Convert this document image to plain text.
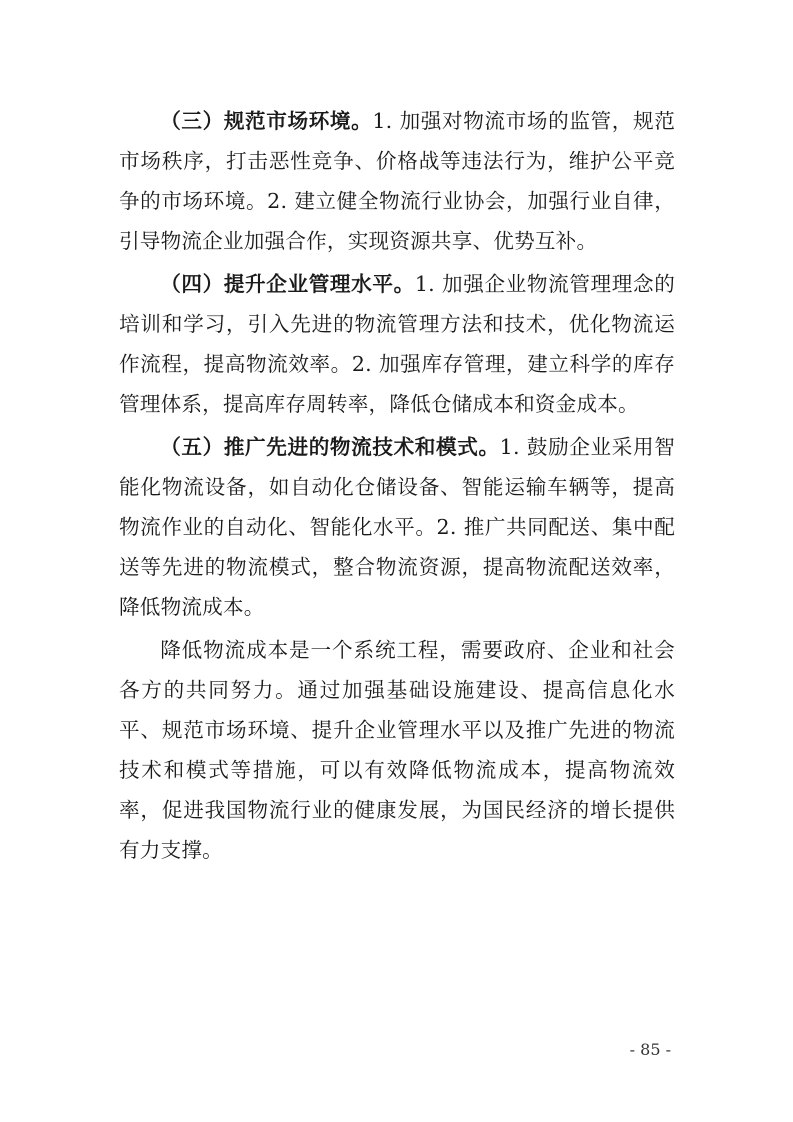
（三）规范市场环境。1. 加强对物流市场的监管，规范市场秩序，打击恶性竞争、价格战等违法行为，维护公平竞争的市场环境。2. 建立健全物流行业协会，加强行业自律，引导物流企业加强合作，实现资源共享、优势互补。

（四）提升企业管理水平。1. 加强企业物流管理理念的培训和学习，引入先进的物流管理方法和技术，优化物流运作流程，提高物流效率。2. 加强库存管理，建立科学的库存管理体系，提高库存周转率，降低仓储成本和资金成本。

（五）推广先进的物流技术和模式。1. 鼓励企业采用智能化物流设备，如自动化仓储设备、智能运输车辆等，提高物流作业的自动化、智能化水平。2. 推广共同配送、集中配送等先进的物流模式，整合物流资源，提高物流配送效率，降低物流成本。

降低物流成本是一个系统工程，需要政府、企业和社会各方的共同努力。通过加强基础设施建设、提高信息化水平、规范市场环境、提升企业管理水平以及推广先进的物流技术和模式等措施，可以有效降低物流成本，提高物流效率，促进我国物流行业的健康发展，为国民经济的增长提供有力支撑。

- 85 -
